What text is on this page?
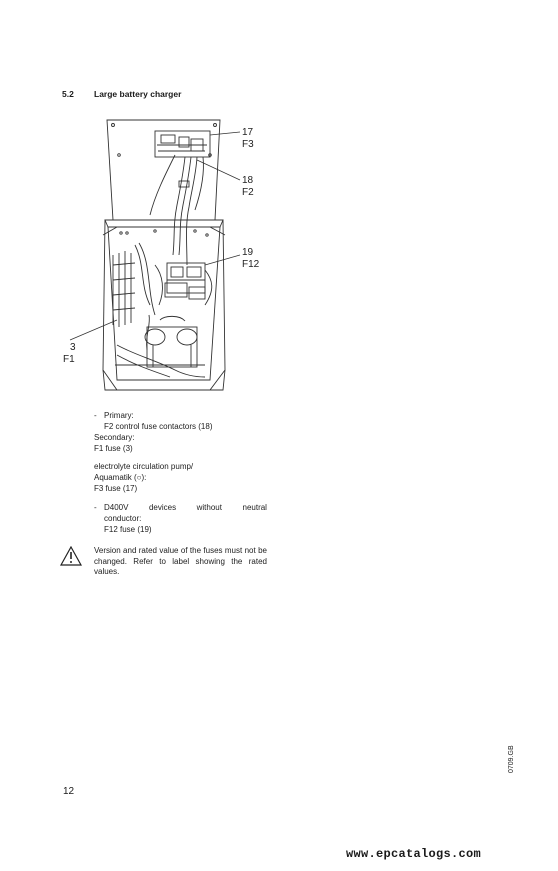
5.2 Large battery charger
17
F3
18
F2
19
F12
3
F1
- Primary:
F2 control fuse contactors (18)
Secondary:
F1 fuse (3)
electrolyte circulation pump/
Aquamatik (○):
F3 fuse (17)
- D400V	devices	without	neutral
conductor:
F12 fuse (19)
Version and rated value of the fuses must not be changed. Refer to label showing the rated values.
0709.GB
12
www.epcatalogs.com
